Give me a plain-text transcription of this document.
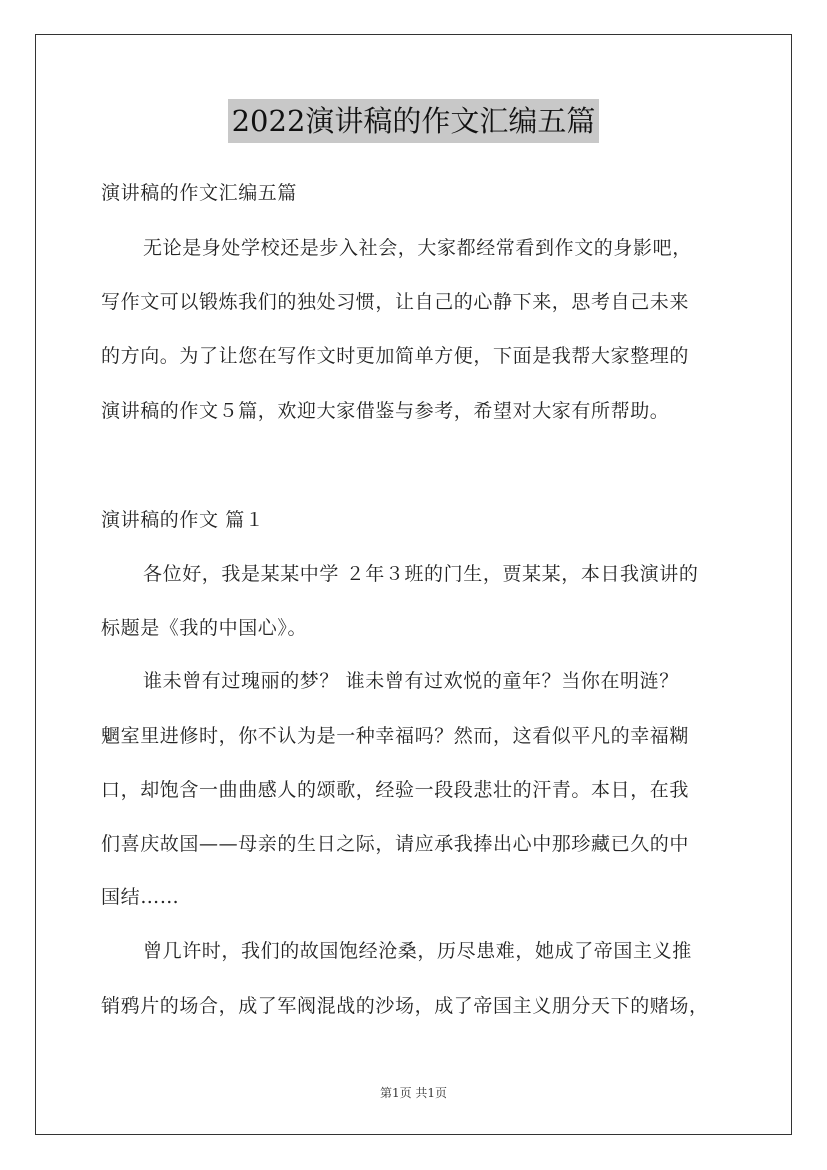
2022演讲稿的作文汇编五篇
演讲稿的作文汇编五篇
无论是身处学校还是步入社会，大家都经常看到作文的身影吧，
写作文可以锻炼我们的独处习惯，让自己的心静下来，思考自己未来
的方向。为了让您在写作文时更加简单方便，下面是我帮大家整理的
演讲稿的作文５篇，欢迎大家借鉴与参考，希望对大家有所帮助。
演讲稿的作文 篇１
各位好，我是某某中学 ２年３班的门生，贾某某，本日我演讲的
标题是《我的中国心》。
谁未曾有过瑰丽的梦？ 谁未曾有过欢悦的童年？当你在明涟？
魍室里进修时，你不认为是一种幸福吗？然而，这看似平凡的幸福糊
口，却饱含一曲曲感人的颂歌，经验一段段悲壮的汗青。本日，在我
们喜庆故国——母亲的生日之际，请应承我捧出心中那珍藏已久的中
国结……
曾几许时，我们的故国饱经沧桑，历尽患难，她成了帝国主义推
销鸦片的场合，成了军阀混战的沙场，成了帝国主义朋分天下的赌场，
第1页 共1页
